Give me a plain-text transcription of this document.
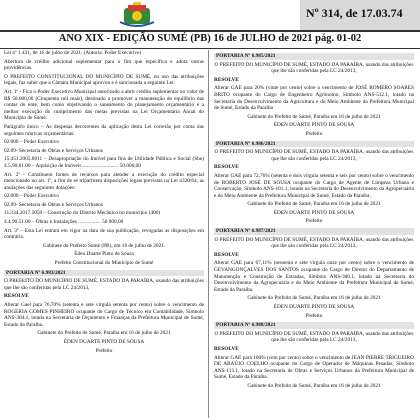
Nº 314, de 17.03.74
ANO XIX - EDIÇÃO SUMÉ (PB) 16 de JULHO de 2021 pág. 01-02

Lei nº 1.431, de 16 de julho de 2021. (Autoria: Poder Executivo)

Abertura de crédito adicional suplementar para o fim que especifica e adota outras providências.

O PREFEITO CONSTITUCIONAL DO MUNICÍPIO DE SUMÉ, no uso das atribuições legais, faz saber que a Câmara Municipal aprovou e é sancionada a seguinte Lei:

Art. 1º - Fica o Poder Executivo Municipal autorizado a abrir crédito suplementar no valor de R$ 50.000,00 (Cinquenta mil reais), destinado a promover a manutenção do equilíbrio das contas do ente, bem como objetivando o saneamento do planejamento orçamentário e a melhor execução do cumprimento das metas previstas na Lei Orçamentária Anual do Município de Sumé.

Parágrafo único – As despesas decorrentes da aplicação desta Lei correrão por conta das seguintes rubricas orçamentárias:

02.000 – Poder Executivo

02.09- Secretaria de Obras e Serviços Urbanos

15.451.2005.8011 – Desapropriação do Imóvel para fins de Utilidade Pública e Social (Sbe) 4.5.90.61.00 – Aquisição de imóveis ........................... 50.000,00

Art. 2º - Constituem fontes de recursos para atender a execução do crédito especial mencionado no art. 1º, a fim de se tripartirem disposições legais previstas na Lei 4320/64, as anulações das seguintes dotações:

02.000 – Poder Executivo

02.09- Secretaria de Obras e Serviços Urbanos

11.334.2017.5050 – Construção do Distrito Mecânico no município (406)

4.4.90.51.00 – Obras e Instalações ................. 50.000,00

Art. 3º – Esta Lei entrará em vigor na data de sua publicação, revogadas as disposições em contrário.

Gabinete do Prefeito Sumé (PB), em 16 de julho de 2021.

Éden Duarte Pinto de Sousa

Prefeito Constitucional do Município de Sumé

PORTARIA Nº 6.983/2021

O PREFEITO DO MUNICÍPIO DE SUMÉ, ESTADO DA PARAÍBA, usando das atribuições que lhe são conferidas pela LC 24/2013,

RESOLVE

Alterar Gael para 76,70% (setenta e sete vírgula setenta por cento) sobre o vencimento de ROGERIA GOMES PINHEIRO ocupante do Cargo de Técnico em Contabilidade, Símbolo ANS-304.1, lotada na Secretaria de Orçamento e Finanças da Prefeitura Municipal de Sumé, Estado da Paraíba.

Gabinete do Prefeito de Sumé, Paraíba em 16 de julho de 2021

ÉDEN DUARTE PINTO DE SOUSA

Prefeito

PORTARIA Nº 6.985/2021

O PREFEITO DO MUNICÍPIO DE SUMÉ, ESTADO DA PARAÍBA, usando das atribuições que lhe são conferidas pela LC 24/2013,

RESOLVE

Alterar GAE para 20% (vinte por cento) sobre o vencimento de JOSÉ ROMERO SOARES BRITO ocupante do Cargo de Engenheiro Agrônomo, Símbolo ANS-512.1, lotado na Secretaria do Desenvolvimento da Agricultura e do Meio Ambiente da Prefeitura Municipal de Sumé, Estado da Paraíba

Gabinete do Prefeito de Sumé, Paraíba em 16 de julho de 2021

ÉDEN DUARTE PINTO DE SOUSA

Prefeito

PORTARIA Nº 6.986/2021

O PREFEITO DO MUNICÍPIO DE SUMÉ, ESTADO DA PARAÍBA, usando das atribuições que lhe são conferidas pela LC 24/2013,

RESOLVE

Alterar GAE para 72,76% (setenta e dois vírgula setenta e seis por cento) sobre o vencimento de ROBERTO JOSÉ DE SOUSA ocupante do Cargo de Agente de Limpeza Urbana e Conservação, Símbolo ANS-101.1, lotado na Secretaria do Desenvolvimento da Agropecuária e do Meio Ambiente da Prefeitura Municipal de Sumé, Estado da Paraíba.

Gabinete do Prefeito de Sumé, Paraíba em 16 de julho de 2021

ÉDEN DUARTE PINTO DE SOUSA

Prefeito

PORTARIA Nº 6.987/2021

O PREFEITO DO MUNICÍPIO DE SUMÉ, ESTADO DA PARAÍBA, usando das atribuições que lhe são conferidas pela LC 24/2013,

RESOLVE

Alterar GAE para 67,11% (sessenta e sete vírgula onze por cento) sobre o vencimento de GEVANGONÇALVES DOS SANTOS ocupante do Cargo de Diretor do Departamento de Manutenção e Construção de Estradas, Símbolo ANS-306.1, lotado na Secretaria do Desenvolvimento da Agropecuária e do Meio Ambiente da Prefeitura Municipal de Sumé, Estado da Paraíba.

Gabinete do Prefeito de Sumé, Paraíba em 16 de julho de 2021

ÉDEN DUARTE PINTO DE SOUSA

Prefeito

PORTARIA Nº 6.988/2021

O PREFEITO DO MUNICÍPIO DE SUMÉ, ESTADO DA PARAÍBA, usando das atribuições que lhe são conferidas pela LC 24/2013,

RESOLVE

Alterar GAE para 100% (cem por cento) sobre o vencimento de JEAN PIERRE TRIGUEIRO DE ARAÚJO COELHO ocupante do Cargo de Operador de Máquinas Pesadas, Símbolo ANS-113.1, lotado na Secretaria de Obras e Serviços Urbanos da Prefeitura Municipal de Sumé, Estado da Paraíba.

Gabinete do Prefeito de Sumé, Paraíba em 16 de julho de 2021
